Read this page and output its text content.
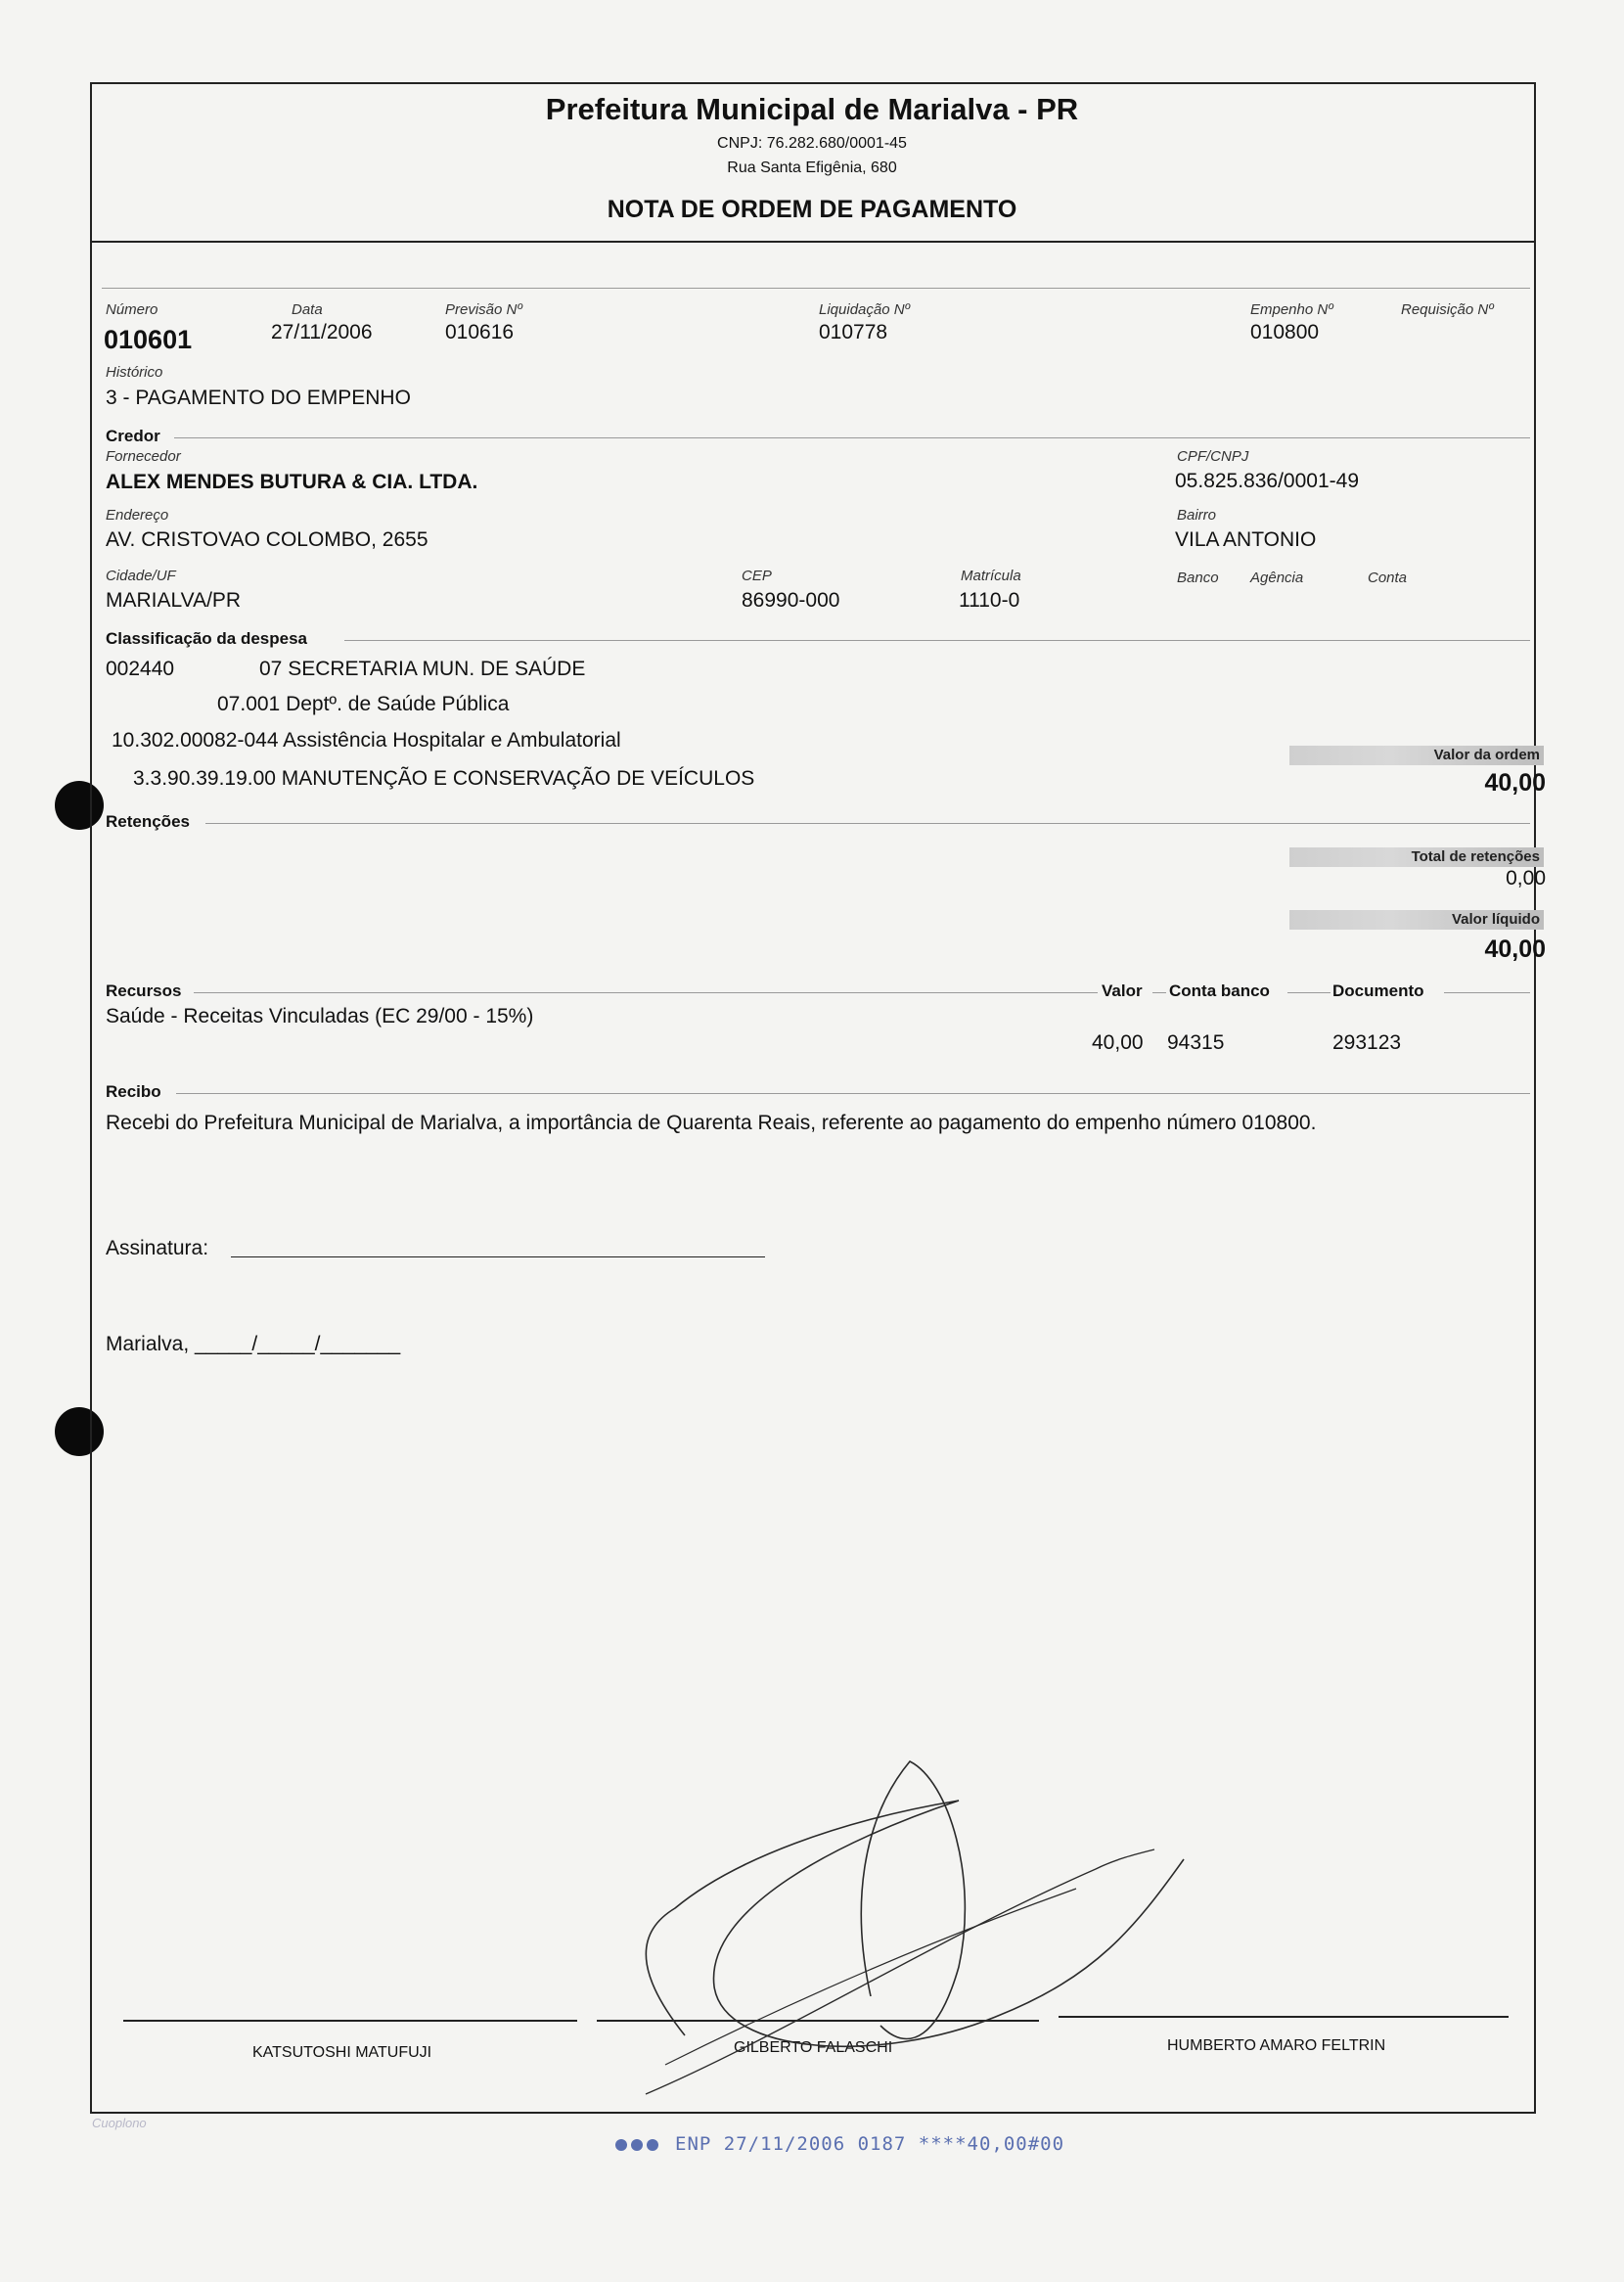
Prefeitura Municipal de Marialva - PR
CNPJ: 76.282.680/0001-45
Rua Santa Efigênia, 680
NOTA DE ORDEM DE PAGAMENTO
Número
010601
Data
27/11/2006
Previsão Nº
010616
Liquidação Nº
010778
Empenho Nº
010800
Requisição Nº
Histórico
3 - PAGAMENTO DO EMPENHO
Credor
Fornecedor
ALEX MENDES BUTURA & CIA. LTDA.
CPF/CNPJ
05.825.836/0001-49
Endereço
AV. CRISTOVAO COLOMBO, 2655
Bairro
VILA ANTONIO
Cidade/UF
MARIALVA/PR
CEP
86990-000
Matrícula
1110-0
Banco Agência	Conta
Classificação da despesa
002440	07 SECRETARIA MUN. DE SAÚDE
07.001 Deptº. de Saúde Pública
10.302.00082-044 Assistência Hospitalar e Ambulatorial
3.3.90.39.19.00 MANUTENÇÃO E CONSERVAÇÃO DE VEÍCULOS
Valor da ordem
40,00
Retenções
Total de retenções
0,00
Valor líquido
40,00
Recursos	Valor Conta banco	Documento
Saúde - Receitas Vinculadas (EC 29/00 - 15%)
40,00 94315	293123
Recibo
Recebi do Prefeitura Municipal de Marialva, a importância de Quarenta Reais, referente ao pagamento do empenho número 010800.
Assinatura:
Marialva, _____/_____/_______
KATSUTOSHI MATUFUJI	GILBERTO FALASCHI	HUMBERTO AMARO FELTRIN
Cuoplono
ENP 27/11/2006 0187 ****40,00#00
